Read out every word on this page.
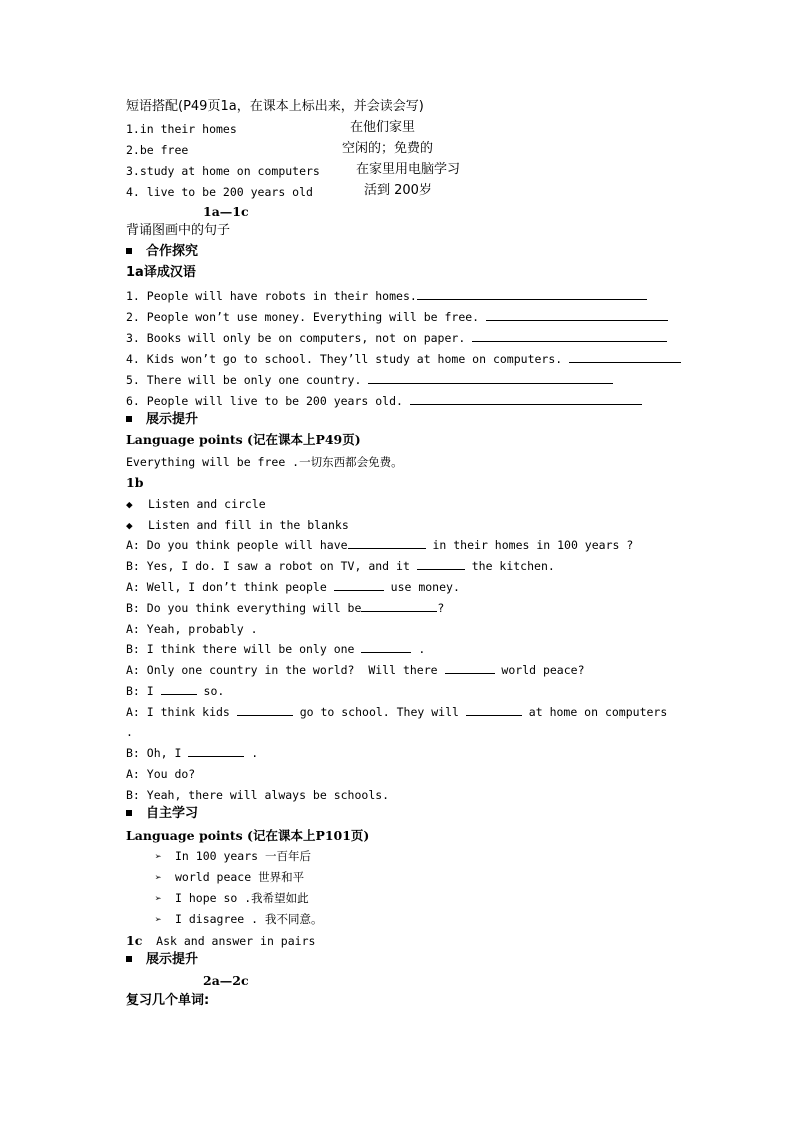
短语搭配(P49页1a，在课本上标出来，并会读会写)
1.in their homes	在他们家里
2.be free	空闲的；免费的
3.study at home on computers	在家里用电脑学习
4. live to be 200 years old	活到 200岁
1a—1c
背诵图画中的句子
合作探究
1a译成汉语
1. People will have robots in their homes.
2. People won’t use money. Everything will be free.
3. Books will only be on computers, not on paper.
4. Kids won’t go to school. They’ll study at home on computers.
5. There will be only one country.
6. People will live to be 200 years old.
展示提升
Language points (记在课本上P49页)
Everything will be free .一切东西都会免费。
1b
◆ Listen and circle
◆ Listen and fill in the blanks
A: Do you think people will have	in their homes in 100 years ?
B: Yes, I do. I saw a robot on TV, and it	the kitchen.
A: Well, I don’t think people	use money.
B: Do you think everything will be	?
A: Yeah, probably .
B: I think there will be only one	.
A: Only one country in the world?  Will there	world peace?
B: I	so.
A: I think kids	go to school. They will	at home on computers
.
B: Oh, I	.
A: You do?
B: Yeah, there will always be schools.
自主学习
Language points (记在课本上P101页)
➢ In 100 years 一百年后
➢ world peace 世界和平
➢ I hope so .我希望如此
➢ I disagree . 我不同意。
1c Ask and answer in pairs
展示提升
2a—2c
复习几个单词:
